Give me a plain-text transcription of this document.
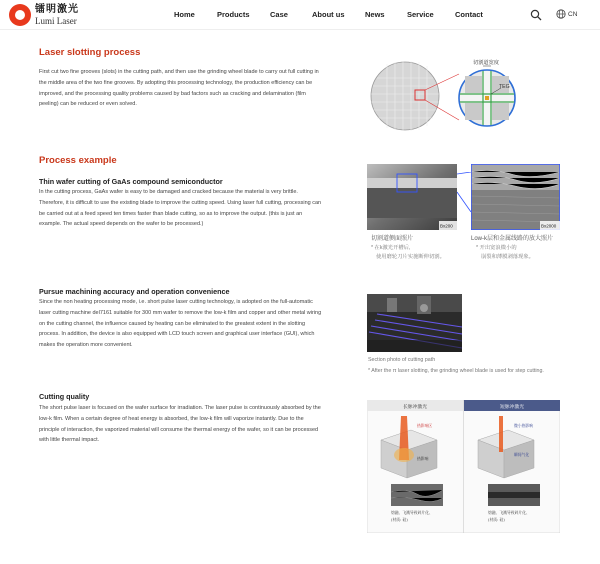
镭明激光
Lumi Laser
Home	Products	Case	About us	News	Service	Contact	CN
Laser slotting process
First cut two fine grooves (slots) in the cutting path, and then use the grinding wheel blade to carry out full cutting in the middle area of the two fine grooves. By adopting this processing technology, the production efficiency can be improved, and the processing quality problems caused by bad factors such as cracking and delamination (film peeling) can be reduced or even solved.
切割道宽度
TEG
Process example
Thin wafer cutting of GaAs compound semiconductor
In the cutting process, GaAs wafer is easy to be damaged and cracked because the material is very brittle. Therefore, it is difficult to use the existing blade to improve the cutting speed. Using laser full cutting, processing can be carried out at a feed speed ten times faster than blade cutting, so as to improve the output. (this is just an example. The actual speed depends on the wafer to be processed.)	Bx200	Bx2000
切割道侧面照片
* 在k激光开槽后,
使用磨轮刀片实施断伸切割。
Low-k层和金属线路的放大照片
* 开出宽浪微小的
崩裂和薄膜剥落现象。
Pursue machining accuracy and operation convenience
Since the non heating processing mode, i.e. short pulse laser cutting technology, is adopted on the full-automatic laser cutting machine del7161 suitable for 300 mm wafer to remove the low-k film and copper and other metal wiring on the cutting channel, the influence caused by heating can be eliminated to the greatest extent in the slotting process. In addition, the device is also equipped with LCD touch screen and graphical user interface (GUI), which makes the operation more convenient.
Section photo of cutting path
* After the π laser slotting, the grinding wheel blade is used for step cutting.
Cutting quality
The short pulse laser is focused on the wafer surface for irradiation. The laser pulse is continuously absorbed by the low-k film. When a certain degree of heat energy is absorbed, the low-k film will vaporize instantly. Due to the principle of interaction, the vaporized material will consume the thermal energy of the wafer, so it can be processed with little thermal impact.
长脉冲激光	短脉冲激光
热影响区
热影响
熔融、飞溅导致碎片化、
(材质: 硅)
微小热影响
瞬间气化
熔融、飞溅导致碎片化、
(材质: 硅)
